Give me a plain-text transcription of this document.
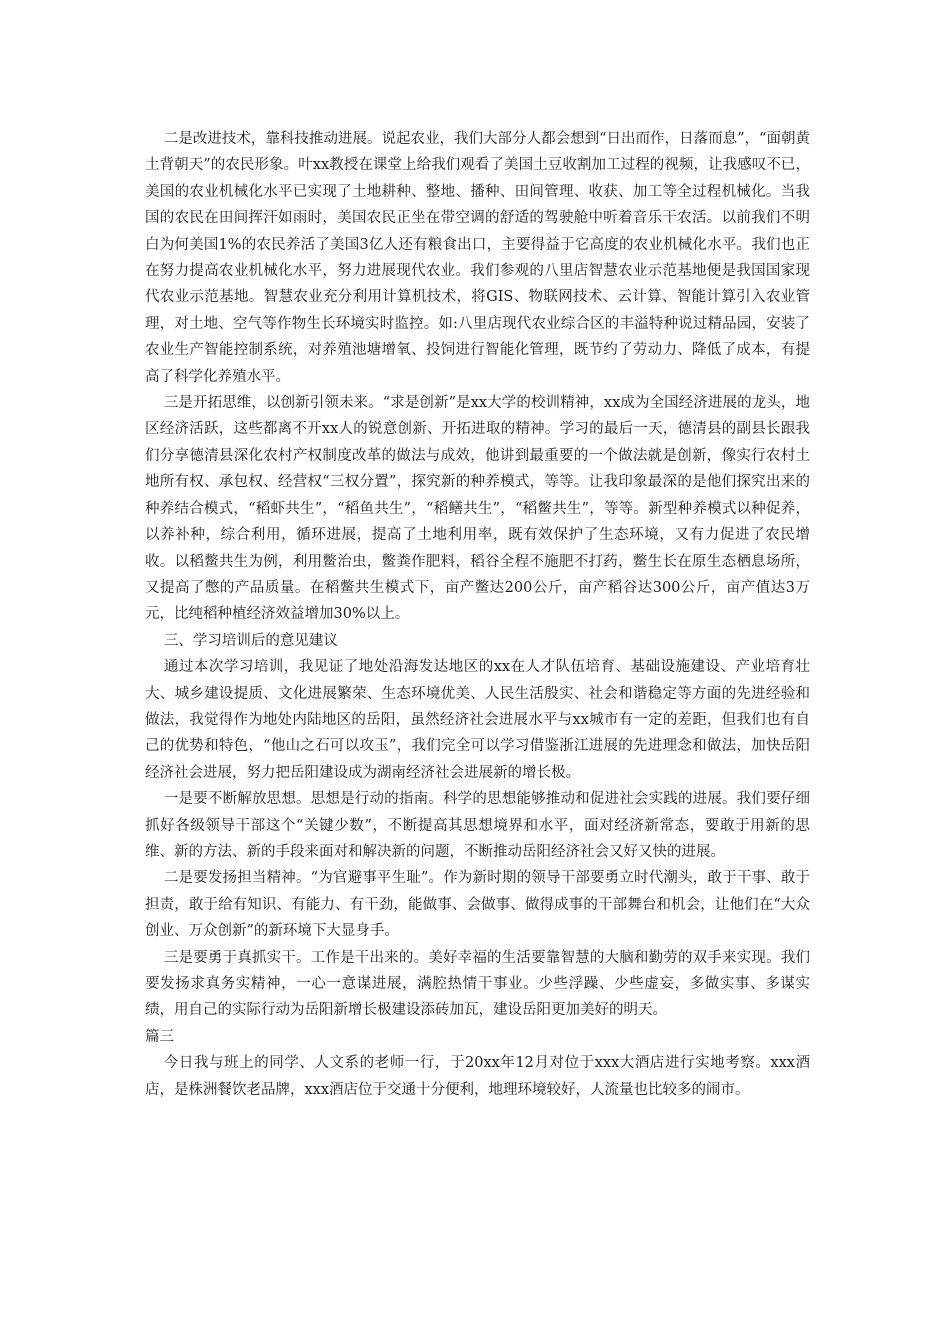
二是改进技术，靠科技推动进展。说起农业，我们大部分人都会想到“日出而作，日落而息”，“面朝黄土背朝天”的农民形象。叶xx教授在课堂上给我们观看了美国土豆收割加工过程的视频，让我感叹不已，美国的农业机械化水平已实现了土地耕种、整地、播种、田间管理、收获、加工等全过程机械化。当我国的农民在田间挥汗如雨时，美国农民正坐在带空调的舒适的驾驶舱中听着音乐干农活。以前我们不明白为何美国1%的农民养活了美国3亿人还有粮食出口，主要得益于它高度的农业机械化水平。我们也正在努力提高农业机械化水平，努力进展现代农业。我们参观的八里店智慧农业示范基地便是我国国家现代农业示范基地。智慧农业充分利用计算机技术，将GIS、物联网技术、云计算、智能计算引入农业管理，对土地、空气等作物生长环境实时监控。如:八里店现代农业综合区的丰溢特种说过精品园，安装了农业生产智能控制系统，对养殖池塘增氧、投饲进行智能化管理，既节约了劳动力、降低了成本，有提高了科学化养殖水平。

三是开拓思维，以创新引领未来。“求是创新”是xx大学的校训精神，xx成为全国经济进展的龙头，地区经济活跃，这些都离不开xx人的锐意创新、开拓进取的精神。学习的最后一天，德清县的副县长跟我们分享德清县深化农村产权制度改革的做法与成效，他讲到最重要的一个做法就是创新，像实行农村土地所有权、承包权、经营权“三权分置”，探究新的种养模式，等等。让我印象最深的是他们探究出来的种养结合模式，“稻虾共生”，“稻鱼共生”，“稻鳝共生”，“稻鳖共生”，等等。新型种养模式以种促养，以养补种，综合利用，循环进展，提高了土地利用率，既有效保护了生态环境，又有力促进了农民增收。以稻鳖共生为例，利用鳖治虫，鳖粪作肥料，稻谷全程不施肥不打药，鳖生长在原生态栖息场所，又提高了憋的产品质量。在稻鳖共生模式下，亩产鳖达200公斤，亩产稻谷达300公斤，亩产值达3万元，比纯稻种植经济效益增加30%以上。

三、学习培训后的意见建议

通过本次学习培训，我见证了地处沿海发达地区的xx在人才队伍培育、基础设施建设、产业培育壮大、城乡建设提质、文化进展繁荣、生态环境优美、人民生活殷实、社会和谐稳定等方面的先进经验和做法，我觉得作为地处内陆地区的岳阳，虽然经济社会进展水平与xx城市有一定的差距，但我们也有自己的优势和特色，“他山之石可以攻玉”，我们完全可以学习借鉴浙江进展的先进理念和做法，加快岳阳经济社会进展，努力把岳阳建设成为湖南经济社会进展新的增长极。

一是要不断解放思想。思想是行动的指南。科学的思想能够推动和促进社会实践的进展。我们要仔细抓好各级领导干部这个“关键少数”，不断提高其思想境界和水平，面对经济新常态，要敢于用新的思维、新的方法、新的手段来面对和解决新的问题，不断推动岳阳经济社会又好又快的进展。

二是要发扬担当精神。“为官避事平生耻”。作为新时期的领导干部要勇立时代潮头，敢于干事、敢于担责，敢于给有知识、有能力、有干劲，能做事、会做事、做得成事的干部舞台和机会，让他们在“大众创业、万众创新”的新环境下大显身手。

三是要勇于真抓实干。工作是干出来的。美好幸福的生活要靠智慧的大脑和勤劳的双手来实现。我们要发扬求真务实精神，一心一意谋进展，满腔热情干事业。少些浮躁、少些虚妄，多做实事、多谋实绩，用自己的实际行动为岳阳新增长极建设添砖加瓦，建设岳阳更加美好的明天。

篇三

今日我与班上的同学、人文系的老师一行，于20xx年12月对位于xxx大酒店进行实地考察。xxx酒店，是株洲餐饮老品牌，xxx酒店位于交通十分便利，地理环境较好，人流量也比较多的闹市。
